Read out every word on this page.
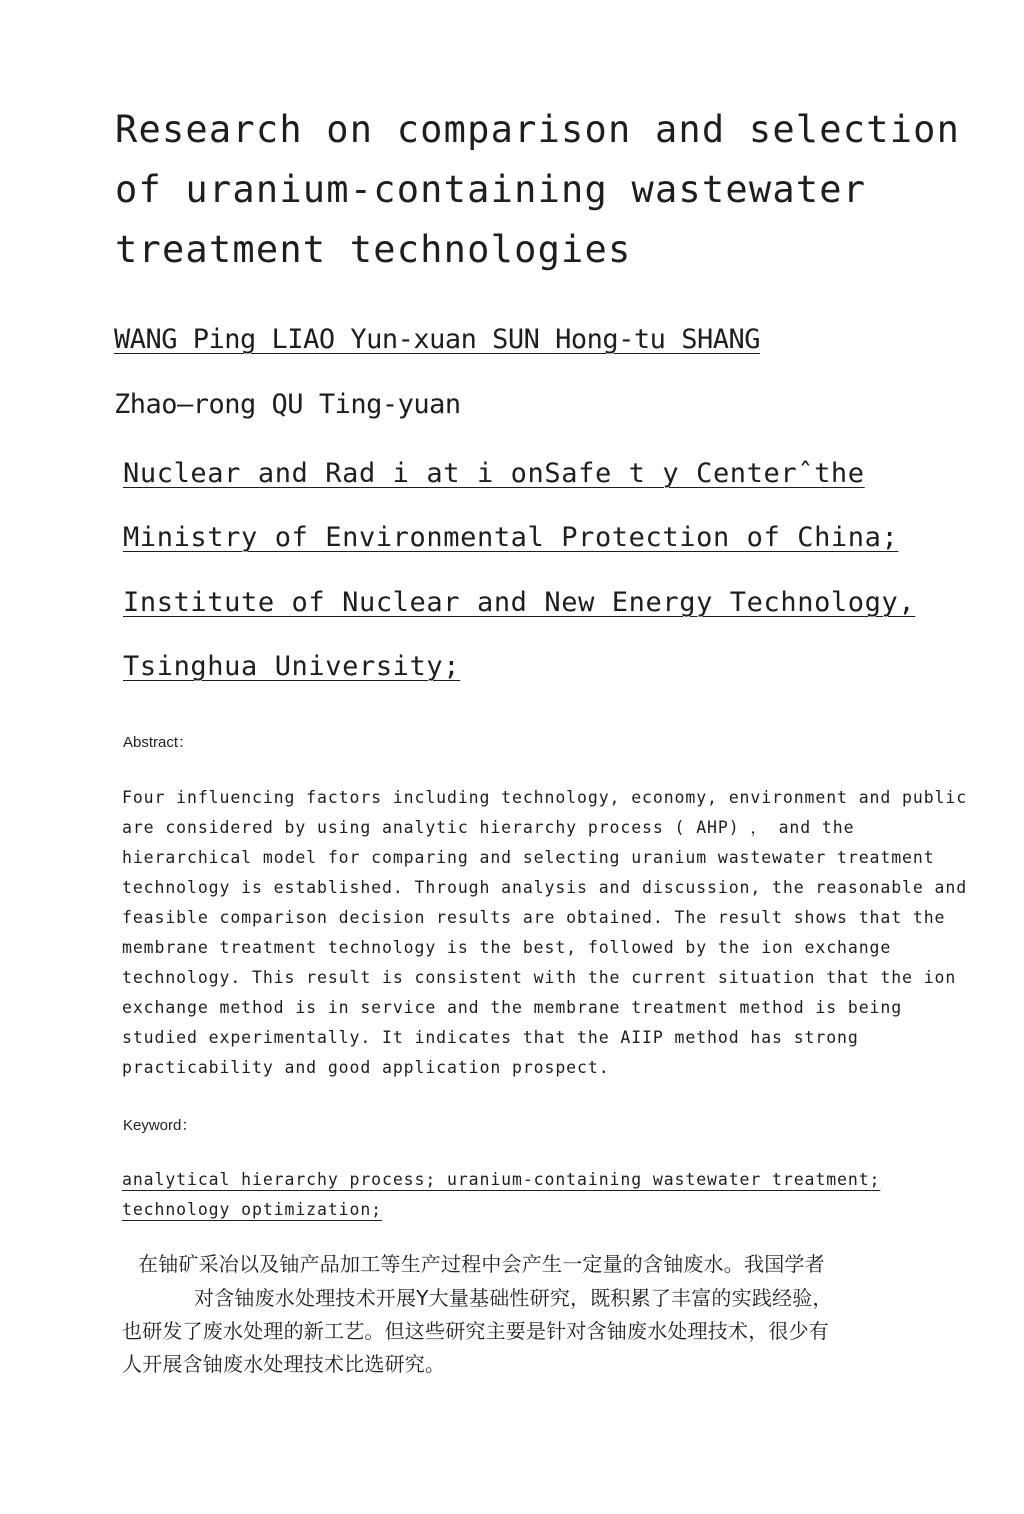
Research on comparison and selection

of uranium-containing wastewater

treatment technologies

WANG Ping LIAO Yun-xuan SUN Hong-tu SHANG

Zhao—rong QU Ting-yuan

Nuclear and Rad i at i onSafe t y Centerˆthe

Ministry of Environmental Protection of China;

Institute of Nuclear and New Energy Technology,

Tsinghua University;

Abstract：

Four influencing factors including technology, economy, environment and public

are considered by using analytic hierarchy process ( AHP) ， and the

hierarchical model for comparing and selecting uranium wastewater treatment

technology is established. Through analysis and discussion, the reasonable and

feasible comparison decision results are obtained. The result shows that the

membrane treatment technology is the best, followed by the ion exchange

technology. This result is consistent with the current situation that the ion

exchange method is in service and the membrane treatment method is being

studied experimentally. It indicates that the AIIP method has strong

practicability and good application prospect.

Keyword：

analytical hierarchy process; uranium-containing wastewater treatment;

technology optimization;

在铀矿采冶以及铀产品加工等生产过程中会产生一定量的含铀废水。我国学者

对含铀废水处理技术开展Y大量基础性研究，既积累了丰富的实践经验，

也研发了废水处理的新工艺。但这些研究主要是针对含铀废水处理技术，很少有

人开展含铀废水处理技术比选研究。
